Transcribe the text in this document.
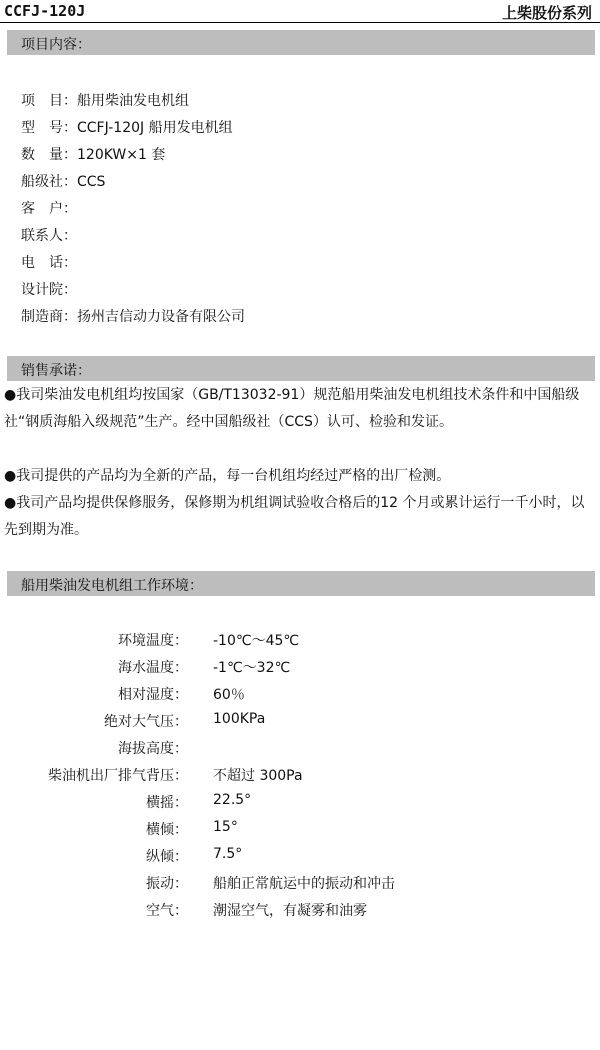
CCFJ-120J	上柴股份系列
项目内容：
项　目：船用柴油发电机组
型　号：CCFJ-120J 船用发电机组
数　量：120KW×1 套
船级社：CCS
客　户：
联系人：
电　话：
设计院：
制造商：扬州吉信动力设备有限公司
销售承诺：
●我司柴油发电机组均按国家（GB/T13032-91）规范船用柴油发电机组技术条件和中国船级社“钢质海船入级规范”生产。经中国船级社（CCS）认可、检验和发证。
●我司提供的产品均为全新的产品，每一台机组均经过严格的出厂检测。
●我司产品均提供保修服务，保修期为机组调试验收合格后的12 个月或累计运行一千小时，以先到期为准。
船用柴油发电机组工作环境：
环境温度： -10℃～45℃
海水温度： -1℃～32℃
相对湿度： 60％
绝对大气压： 100KPa
海拔高度：
柴油机出厂排气背压： 不超过 300Pa
横摇： 22.5°
横倾： 15°
纵倾： 7.5°
振动： 船舶正常航运中的振动和冲击
空气： 潮湿空气，有凝雾和油雾
